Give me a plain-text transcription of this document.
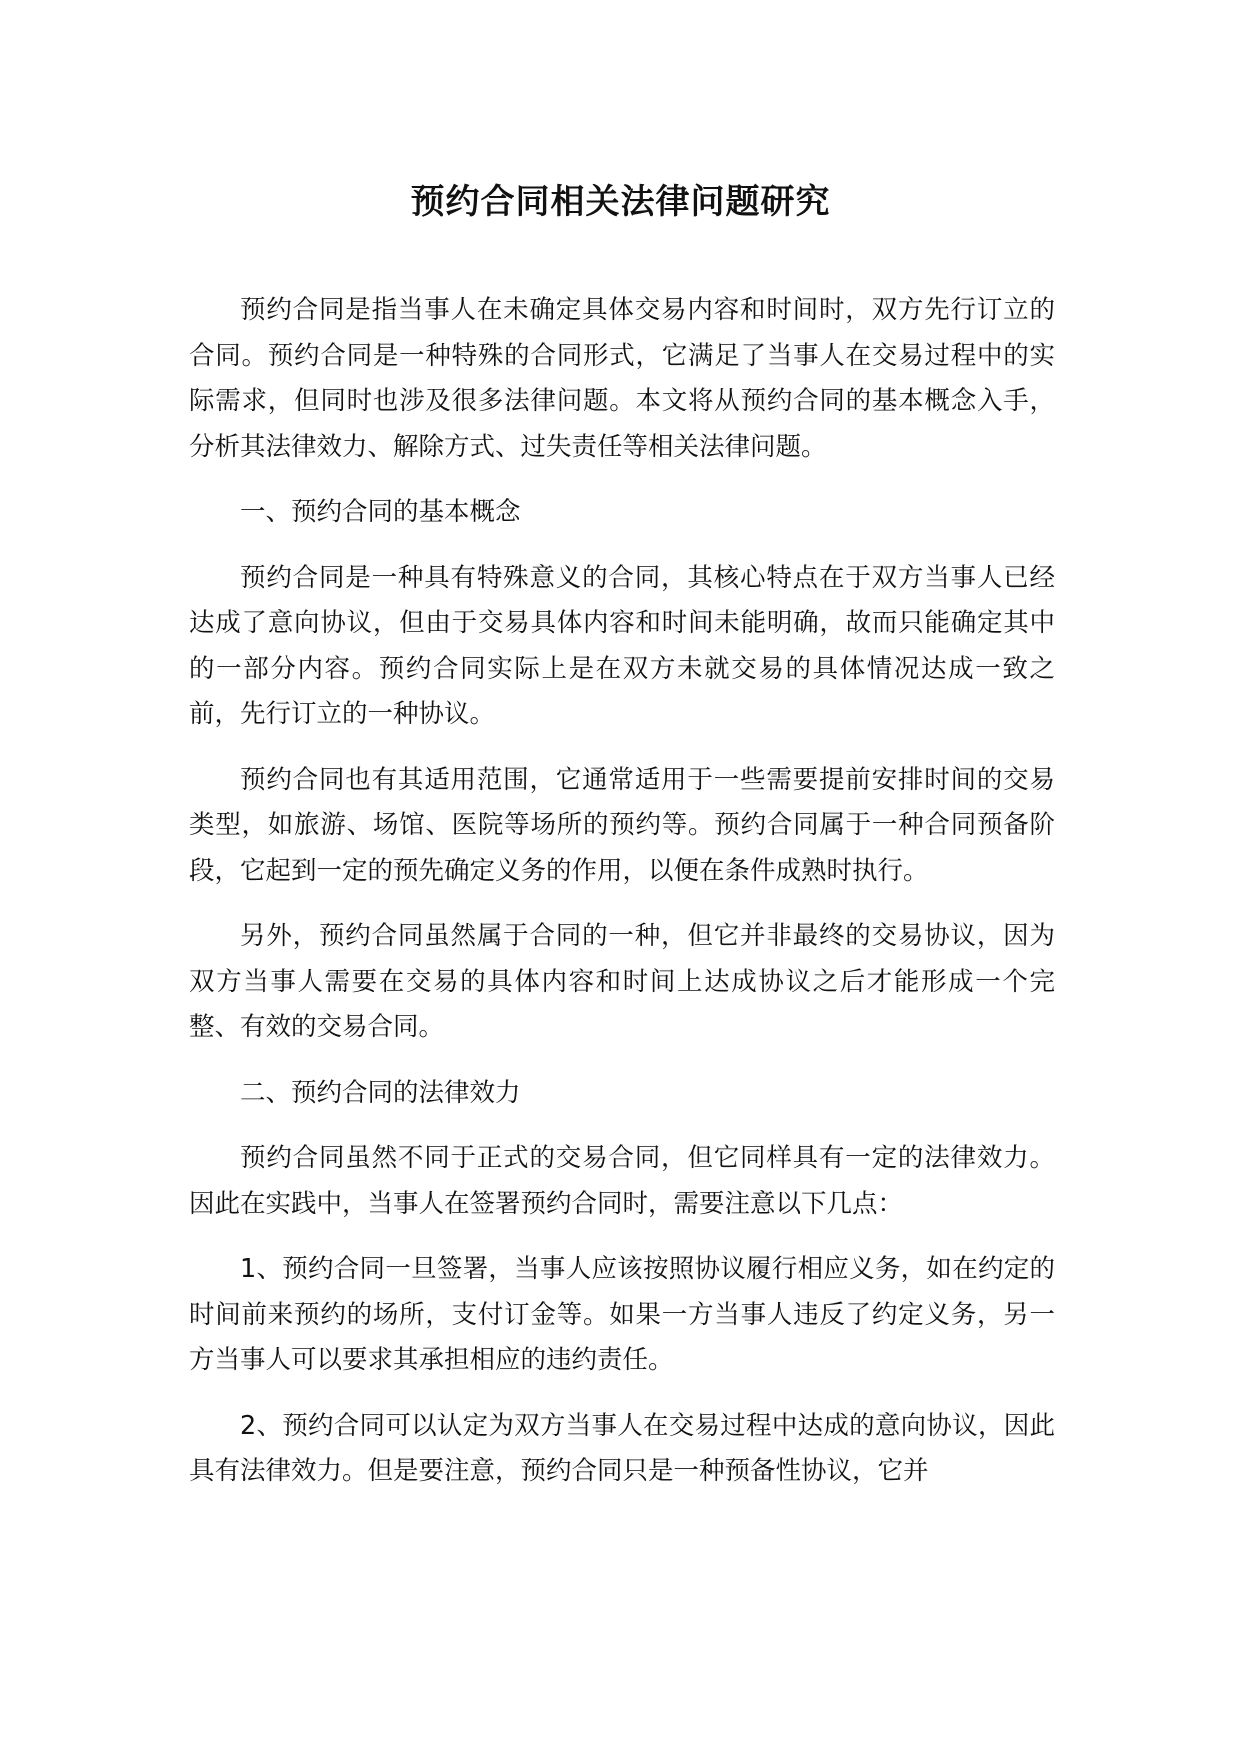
预约合同相关法律问题研究

预约合同是指当事人在未确定具体交易内容和时间时，双方先行订立的合同。预约合同是一种特殊的合同形式，它满足了当事人在交易过程中的实际需求，但同时也涉及很多法律问题。本文将从预约合同的基本概念入手，分析其法律效力、解除方式、过失责任等相关法律问题。

一、预约合同的基本概念

预约合同是一种具有特殊意义的合同，其核心特点在于双方当事人已经达成了意向协议，但由于交易具体内容和时间未能明确，故而只能确定其中的一部分内容。预约合同实际上是在双方未就交易的具体情况达成一致之前，先行订立的一种协议。

预约合同也有其适用范围，它通常适用于一些需要提前安排时间的交易类型，如旅游、场馆、医院等场所的预约等。预约合同属于一种合同预备阶段，它起到一定的预先确定义务的作用，以便在条件成熟时执行。

另外，预约合同虽然属于合同的一种，但它并非最终的交易协议，因为双方当事人需要在交易的具体内容和时间上达成协议之后才能形成一个完整、有效的交易合同。

二、预约合同的法律效力

预约合同虽然不同于正式的交易合同，但它同样具有一定的法律效力。因此在实践中，当事人在签署预约合同时，需要注意以下几点：

1、预约合同一旦签署，当事人应该按照协议履行相应义务，如在约定的时间前来预约的场所，支付订金等。如果一方当事人违反了约定义务，另一方当事人可以要求其承担相应的违约责任。

2、预约合同可以认定为双方当事人在交易过程中达成的意向协议，因此具有法律效力。但是要注意，预约合同只是一种预备性协议，它并
